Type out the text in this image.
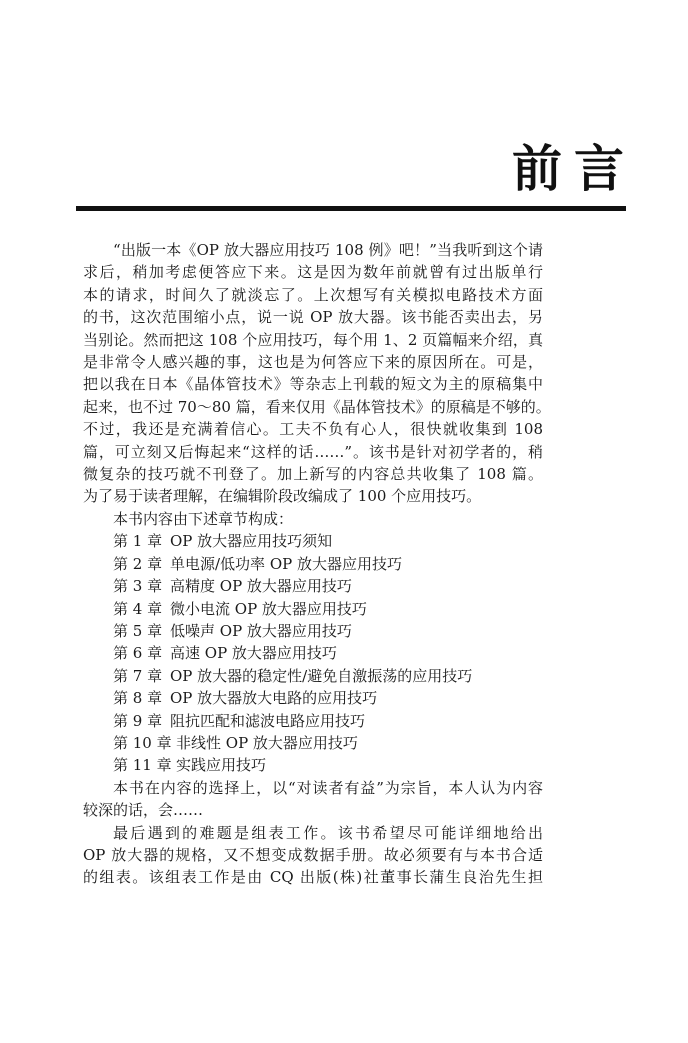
前 言
“出版一本《OP 放大器应用技巧 108 例》吧！”当我听到这个请
求后，稍加考虑便答应下来。这是因为数年前就曾有过出版单行
本的请求，时间久了就淡忘了。上次想写有关模拟电路技术方面
的书，这次范围缩小点，说一说 OP 放大器。该书能否卖出去，另
当别论。然而把这 108 个应用技巧，每个用 1、2 页篇幅来介绍，真
是非常令人感兴趣的事，这也是为何答应下来的原因所在。可是，
把以我在日本《晶体管技术》等杂志上刊载的短文为主的原稿集中
起来，也不过 70～80 篇，看来仅用《晶体管技术》的原稿是不够的。
不过，我还是充满着信心。工夫不负有心人，很快就收集到 108
篇，可立刻又后悔起来“这样的话……”。该书是针对初学者的，稍
微复杂的技巧就不刊登了。加上新写的内容总共收集了 108 篇。
为了易于读者理解，在编辑阶段改编成了 100 个应用技巧。
本书内容由下述章节构成：
第 1 章 OP 放大器应用技巧须知
第 2 章 单电源/低功率 OP 放大器应用技巧
第 3 章 高精度 OP 放大器应用技巧
第 4 章 微小电流 OP 放大器应用技巧
第 5 章 低噪声 OP 放大器应用技巧
第 6 章 高速 OP 放大器应用技巧
第 7 章 OP 放大器的稳定性/避免自激振荡的应用技巧
第 8 章 OP 放大器放大电路的应用技巧
第 9 章 阻抗匹配和滤波电路应用技巧
第 10 章 非线性 OP 放大器应用技巧
第 11 章 实践应用技巧
本书在内容的选择上，以“对读者有益”为宗旨，本人认为内容
较深的话，会……
最后遇到的难题是组表工作。该书希望尽可能详细地给出
OP 放大器的规格，又不想变成数据手册。故必须要有与本书合适
的组表。该组表工作是由 CQ 出版(株)社董事长蒲生良治先生担
